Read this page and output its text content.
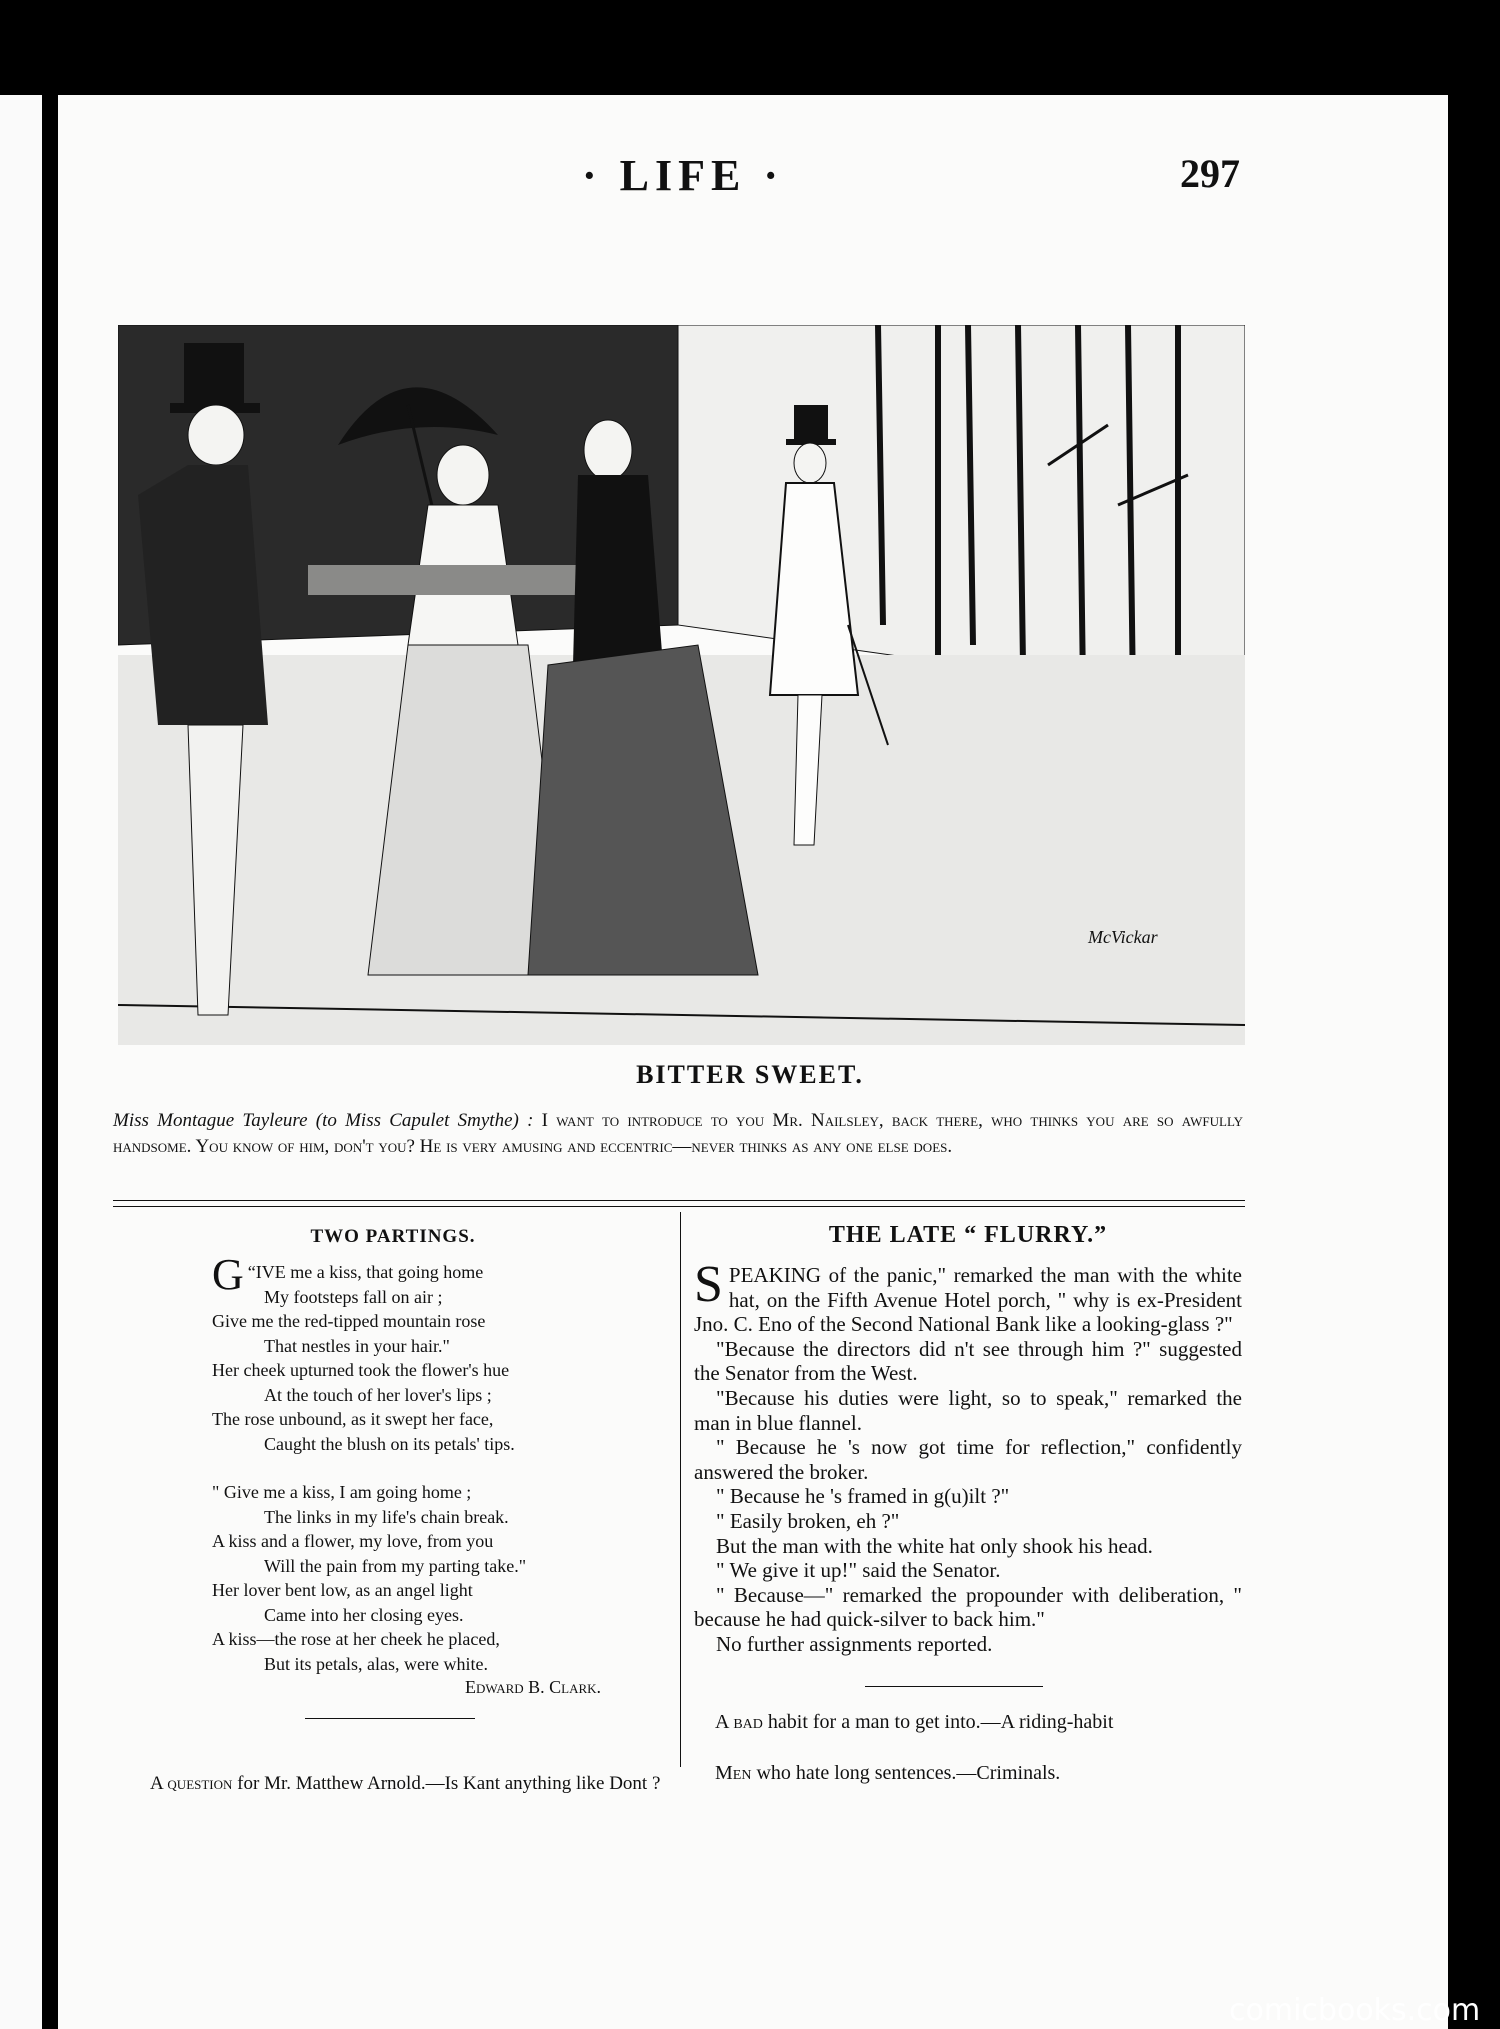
· LIFE ·	297
McVickar
BITTER SWEET.
Miss Montague Tayleure (to Miss Capulet Smythe) : I want to introduce to you Mr. Nailsley, back there, who thinks you are so awfully handsome. You know of him, don't you? He is very amusing and eccentric—never thinks as any one else does.
TWO PARTINGS.
“
G IVE me a kiss, that going home
My footsteps fall on air ;
Give me the red-tipped mountain rose
That nestles in your hair."
Her cheek upturned took the flower's hue
At the touch of her lover's lips ;
The rose unbound, as it swept her face,
Caught the blush on its petals' tips.
" Give me a kiss, I am going home ;
The links in my life's chain break.
A kiss and a flower, my love, from you
Will the pain from my parting take."
Her lover bent low, as an angel light
Came into her closing eyes.
A kiss—the rose at her cheek he placed,
But its petals, alas, were white.
Edward B. Clark.
A question for Mr. Matthew Arnold.—Is Kant anything like Dont ?
THE LATE “ FLURRY.”

SPEAKING of the panic," remarked the man with the white hat, on the Fifth Avenue Hotel porch, " why is ex-President Jno. C. Eno of the Second National Bank like a looking-glass ?"

"Because the directors did n't see through him ?" suggested the Senator from the West.

"Because his duties were light, so to speak," remarked the man in blue flannel.

" Because he 's now got time for reflection," confidently answered the broker.

" Because he 's framed in g(u)ilt ?"

" Easily broken, eh ?"

But the man with the white hat only shook his head.

" We give it up!" said the Senator.

" Because—" remarked the propounder with deliberation, " because he had quick-silver to back him."

No further assignments reported.

A bad habit for a man to get into.—A riding-habit
Men who hate long sentences.—Criminals.
comicbooks.com
